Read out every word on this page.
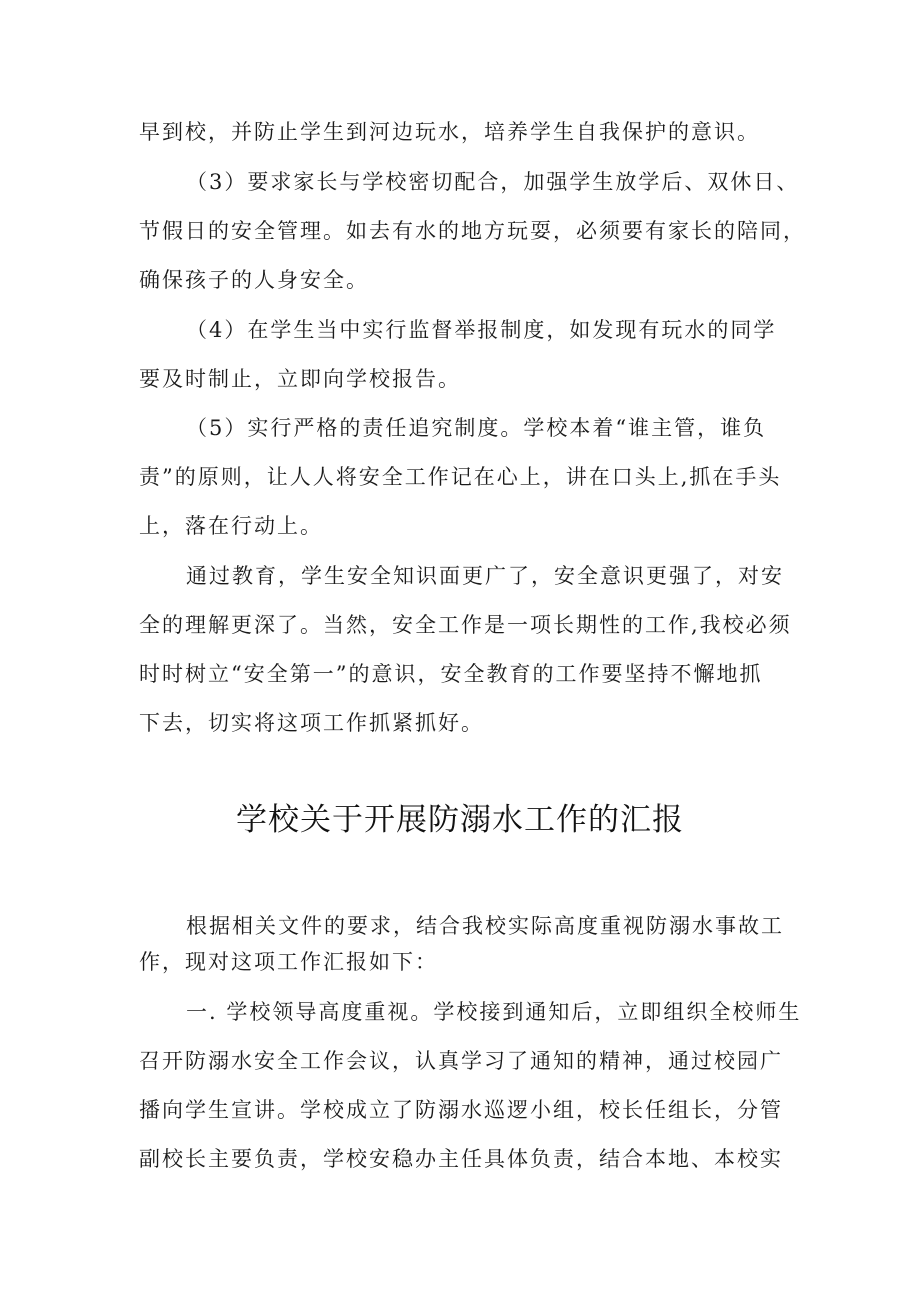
早到校，并防止学生到河边玩水，培养学生自我保护的意识。
（3）要求家长与学校密切配合，加强学生放学后、双休日、
节假日的安全管理。如去有水的地方玩耍，必须要有家长的陪同，
确保孩子的人身安全。
（4）在学生当中实行监督举报制度，如发现有玩水的同学
要及时制止，立即向学校报告。
（5）实行严格的责任追究制度。学校本着“谁主管，谁负
责”的原则，让人人将安全工作记在心上，讲在口头上,抓在手头
上，落在行动上。
通过教育，学生安全知识面更广了，安全意识更强了，对安
全的理解更深了。当然，安全工作是一项长期性的工作,我校必须
时时树立“安全第一”的意识，安全教育的工作要坚持不懈地抓
下去，切实将这项工作抓紧抓好。
学校关于开展防溺水工作的汇报
根据相关文件的要求，结合我校实际高度重视防溺水事故工
作，现对这项工作汇报如下：
一. 学校领导高度重视。学校接到通知后，立即组织全校师生
召开防溺水安全工作会议，认真学习了通知的精神，通过校园广
播向学生宣讲。学校成立了防溺水巡逻小组，校长任组长，分管
副校长主要负责，学校安稳办主任具体负责，结合本地、本校实
